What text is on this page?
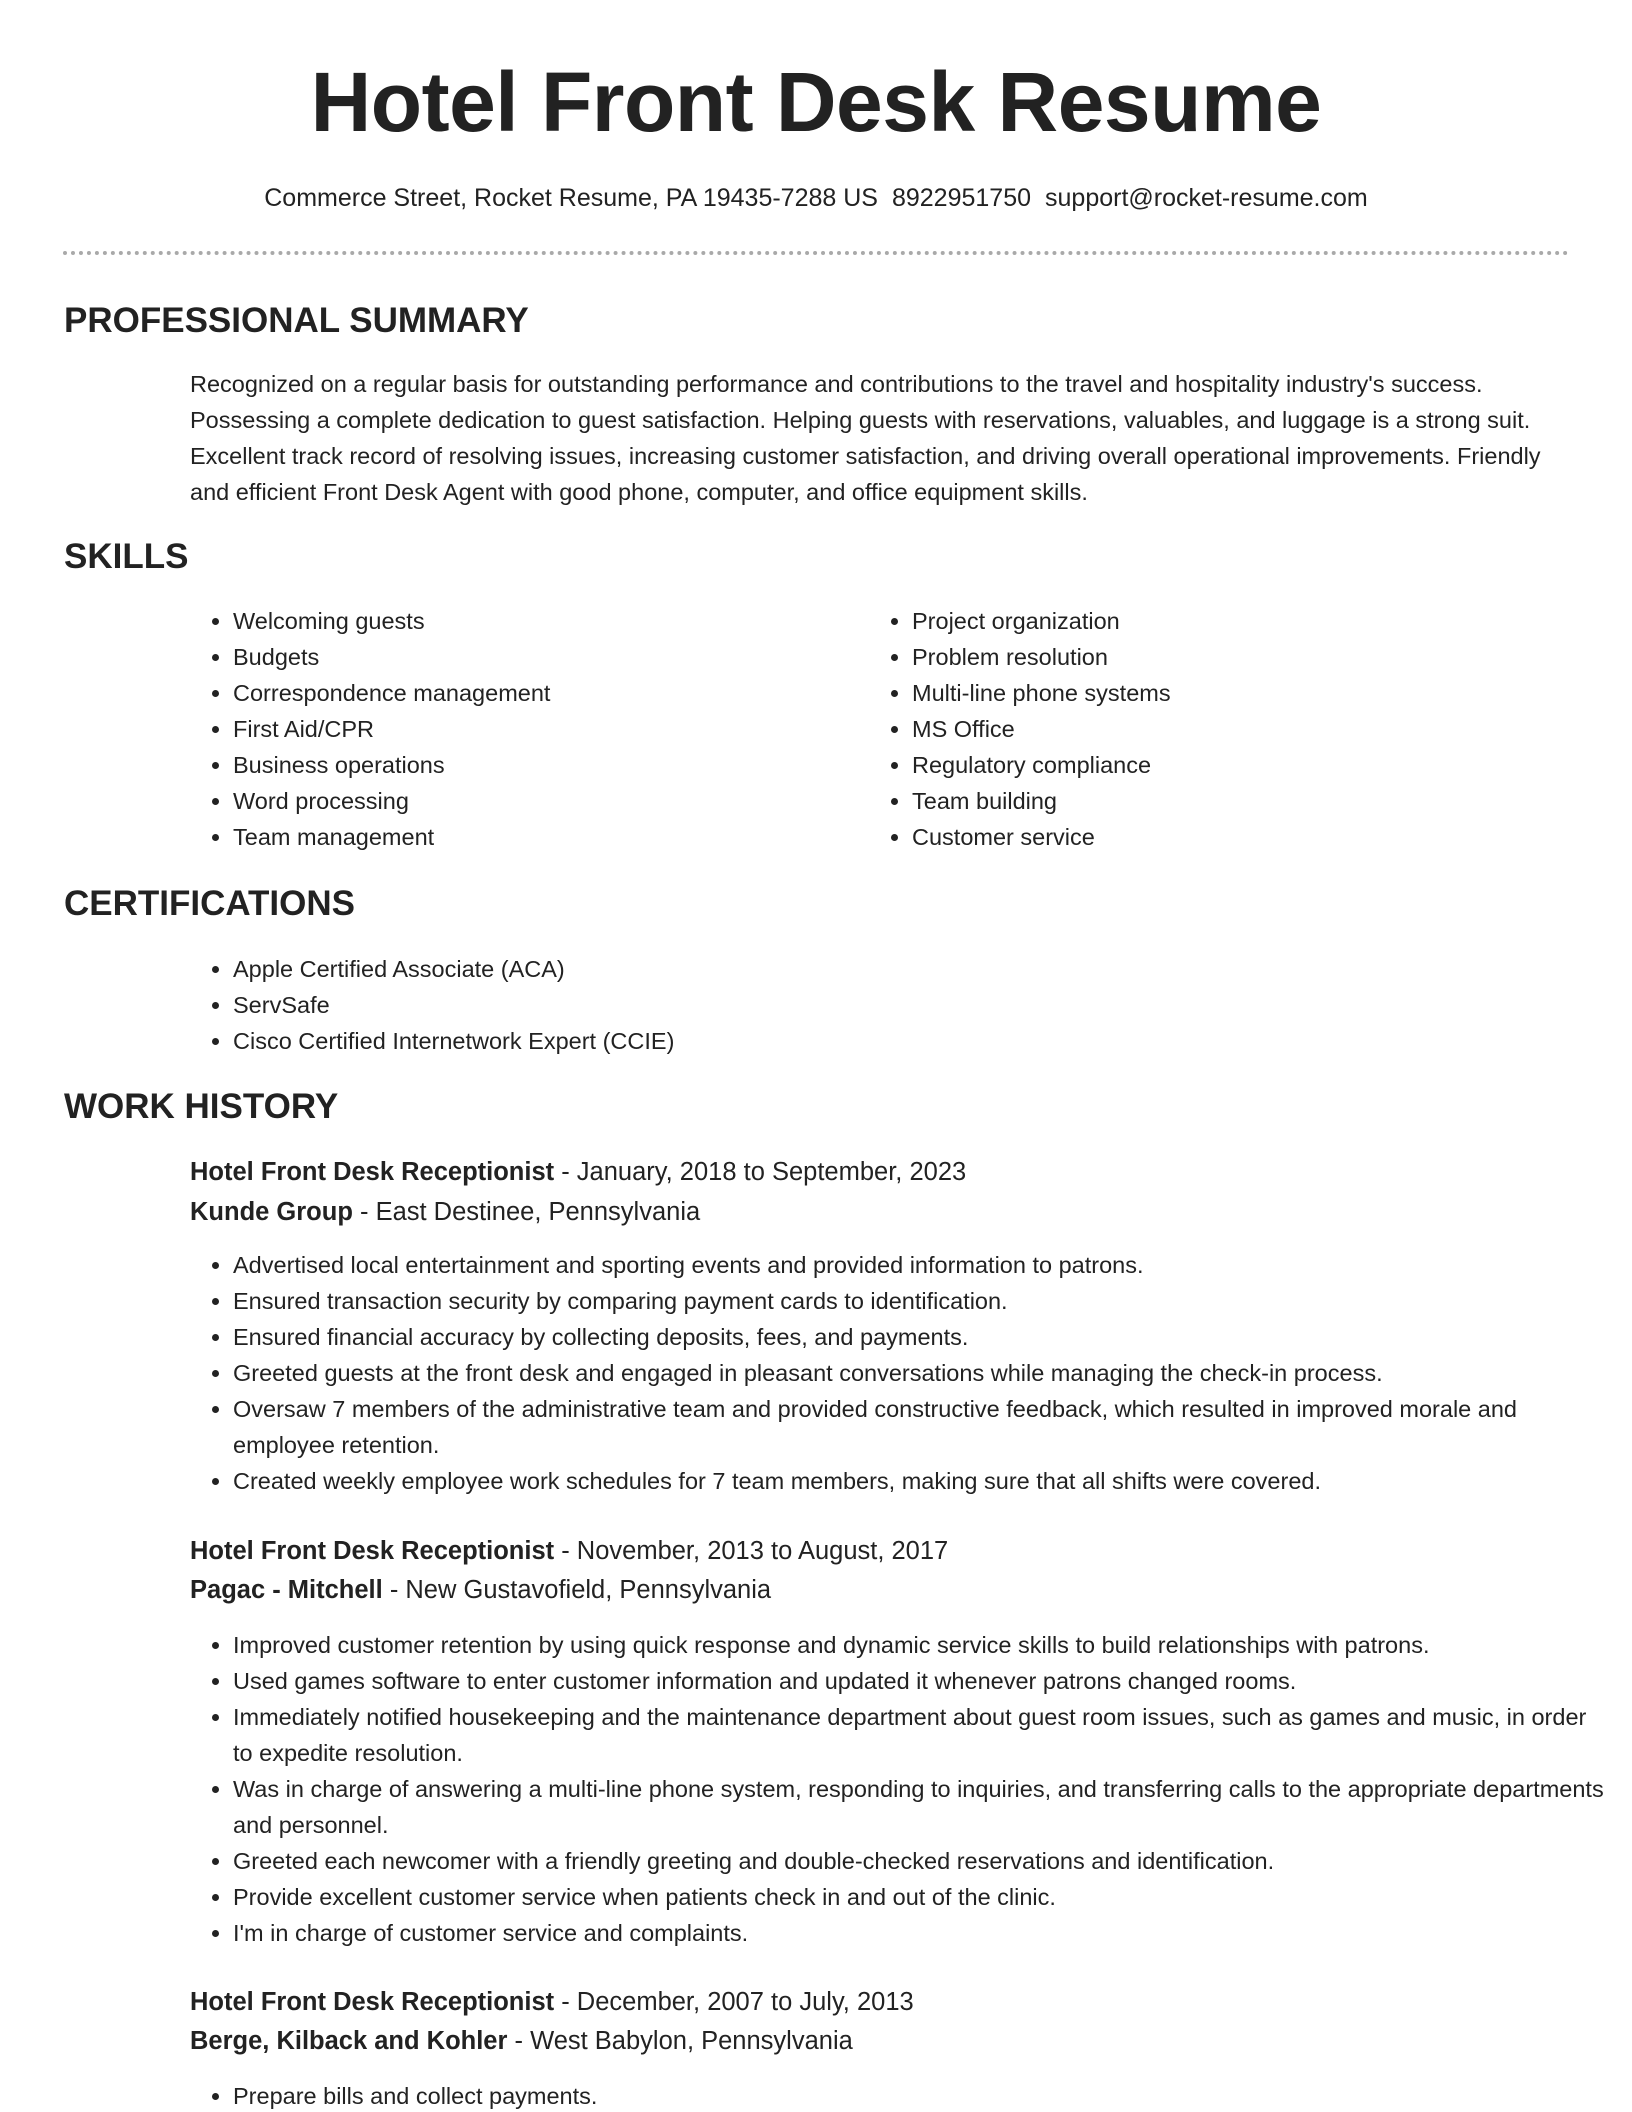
Hotel Front Desk Resume
Commerce Street, Rocket Resume, PA 19435-7288 US 8922951750 support@rocket-resume.com
PROFESSIONAL SUMMARY

Recognized on a regular basis for outstanding performance and contributions to the travel and hospitality industry's success. Possessing a complete dedication to guest satisfaction. Helping guests with reservations, valuables, and luggage is a strong suit. Excellent track record of resolving issues, increasing customer satisfaction, and driving overall operational improvements. Friendly and efficient Front Desk Agent with good phone, computer, and office equipment skills.

SKILLS
• Welcoming guests
• Budgets
• Correspondence management
• First Aid/CPR
• Business operations
• Word processing
• Team management
• Project organization
• Problem resolution
• Multi-line phone systems
• MS Office
• Regulatory compliance
• Team building
• Customer service
CERTIFICATIONS
• Apple Certified Associate (ACA)
• ServSafe
• Cisco Certified Internetwork Expert (CCIE)
WORK HISTORY
Hotel Front Desk Receptionist - January, 2018 to September, 2023
Kunde Group - East Destinee, Pennsylvania
• Advertised local entertainment and sporting events and provided information to patrons.
• Ensured transaction security by comparing payment cards to identification.
• Ensured financial accuracy by collecting deposits, fees, and payments.
• Greeted guests at the front desk and engaged in pleasant conversations while managing the check-in process.
• Oversaw 7 members of the administrative team and provided constructive feedback, which resulted in improved morale and employee retention.
• Created weekly employee work schedules for 7 team members, making sure that all shifts were covered.
Hotel Front Desk Receptionist - November, 2013 to August, 2017
Pagac - Mitchell - New Gustavofield, Pennsylvania
• Improved customer retention by using quick response and dynamic service skills to build relationships with patrons.
• Used games software to enter customer information and updated it whenever patrons changed rooms.
• Immediately notified housekeeping and the maintenance department about guest room issues, such as games and music, in order to expedite resolution.
• Was in charge of answering a multi-line phone system, responding to inquiries, and transferring calls to the appropriate departments and personnel.
• Greeted each newcomer with a friendly greeting and double-checked reservations and identification.
• Provide excellent customer service when patients check in and out of the clinic.
• I'm in charge of customer service and complaints.
Hotel Front Desk Receptionist - December, 2007 to July, 2013
Berge, Kilback and Kohler - West Babylon, Pennsylvania
• Prepare bills and collect payments.
